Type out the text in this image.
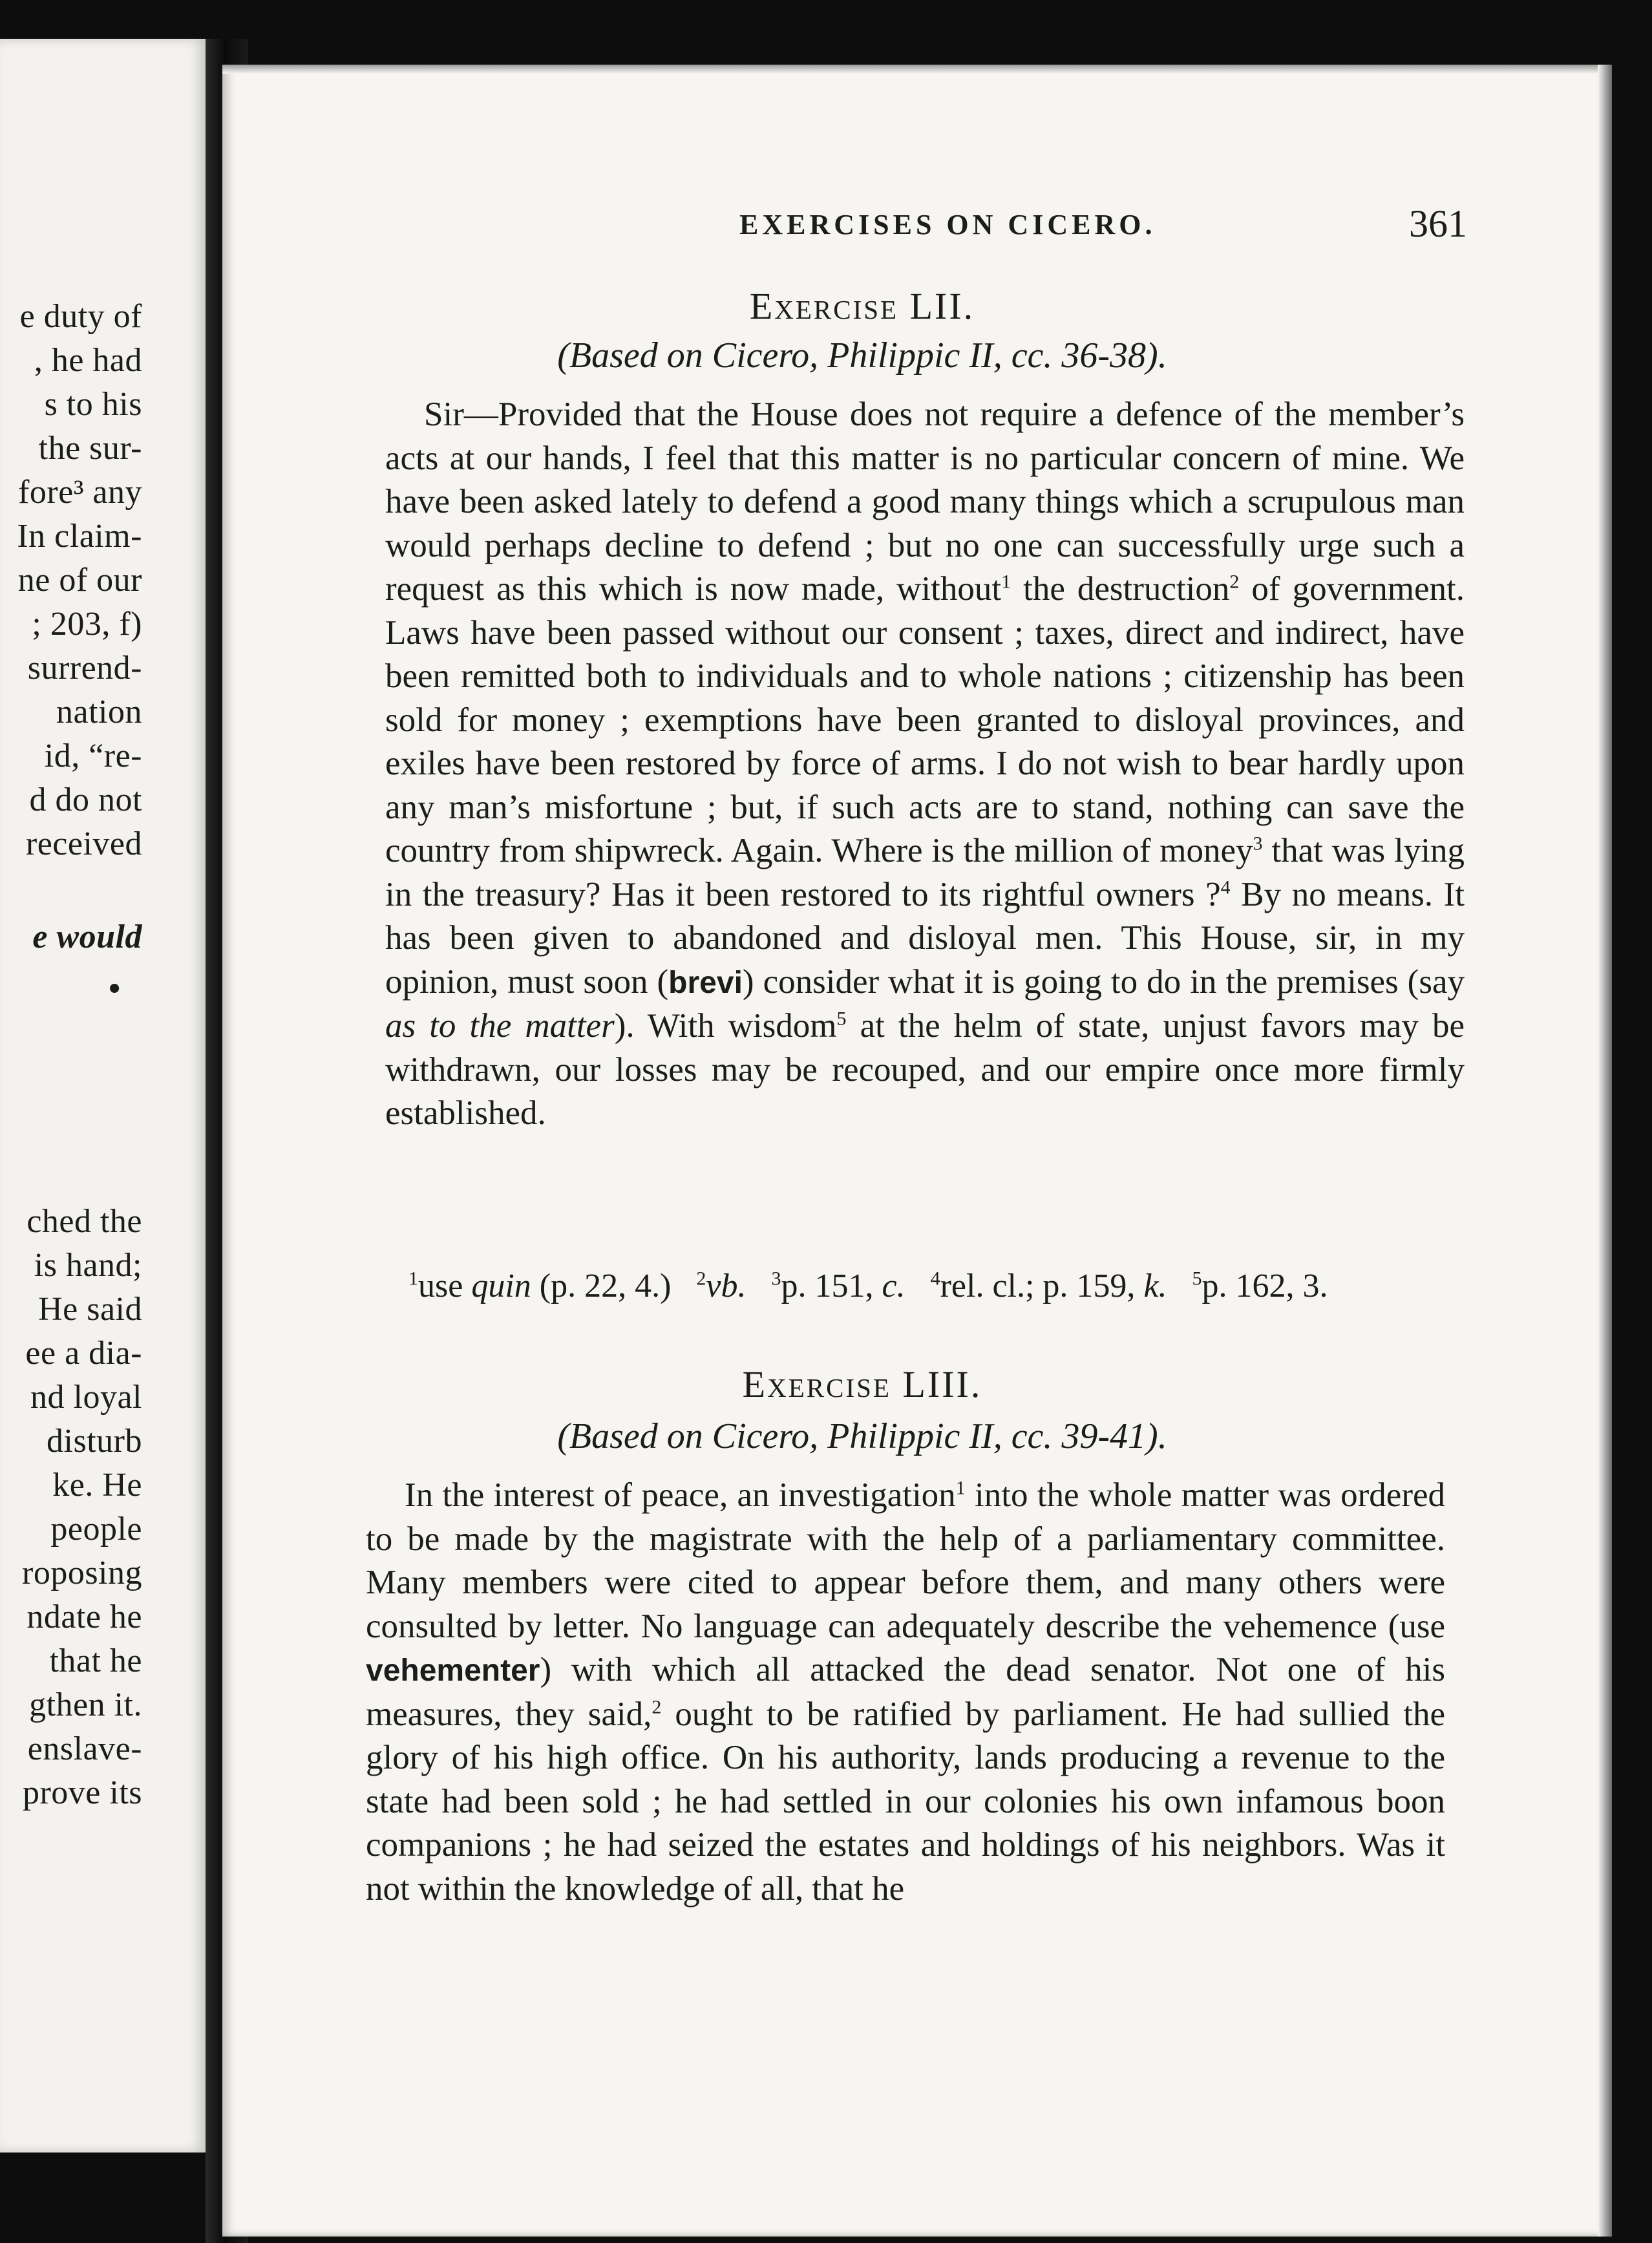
e duty of
, he had
s to his
the sur-
fore³ any
In claim-
ne of our
; 203, f)
surrend-
nation
id, “re-
d do not
received
e would
ched the
is hand;
He said
ee a dia-
nd loyal
disturb
ke. He
people
roposing
ndate he
that he
gthen it.
enslave-
prove its
•
EXERCISES ON CICERO.	361
Exercise LII.
(Based on Cicero, Philippic II, cc. 36-38).

Sir—Provided that the House does not require a defence of the member’s acts at our hands, I feel that this matter is no particular concern of mine. We have been asked lately to defend a good many things which a scrupulous man would perhaps decline to defend ; but no one can successfully urge such a request as this which is now made, without$^1$ the destruction$^2$ of government. Laws have been passed without our consent ; taxes, direct and indirect, have been remitted both to individuals and to whole nations ; citizenship has been sold for money ; exemptions have been granted to disloyal provinces, and exiles have been restored by force of arms. I do not wish to bear hardly upon any man’s misfortune ; but, if such acts are to stand, nothing can save the country from shipwreck. Again. Where is the million of money$^3$ that was lying in the treasury? Has it been restored to its rightful owners ?$^4$ By no means. It has been given to abandoned and disloyal men. This House, sir, in my opinion, must soon (brevi) consider what it is going to do in the premises (say as to the matter). With wisdom$^5$ at the helm of state, unjust favors may be withdrawn, our losses may be recouped, and our empire once more firmly established.

$^1$use quin (p. 22, 4.) $^2$vb. $^3$p. 151, c. $^4$rel. cl.; p. 159, k. $^5$p. 162, 3.
Exercise LIII.
(Based on Cicero, Philippic II, cc. 39-41).

In the interest of peace, an investigation$^1$ into the whole matter was ordered to be made by the magistrate with the help of a parliamentary committee. Many members were cited to appear before them, and many others were consulted by letter. No language can adequately describe the vehemence (use vehementer) with which all attacked the dead senator. Not one of his measures, they said,$^2$ ought to be ratified by parliament. He had sullied the glory of his high office. On his authority, lands producing a revenue to the state had been sold ; he had settled in our colonies his own infamous boon companions ; he had seized the estates and holdings of his neighbors. Was it not within the knowledge of all, that he
